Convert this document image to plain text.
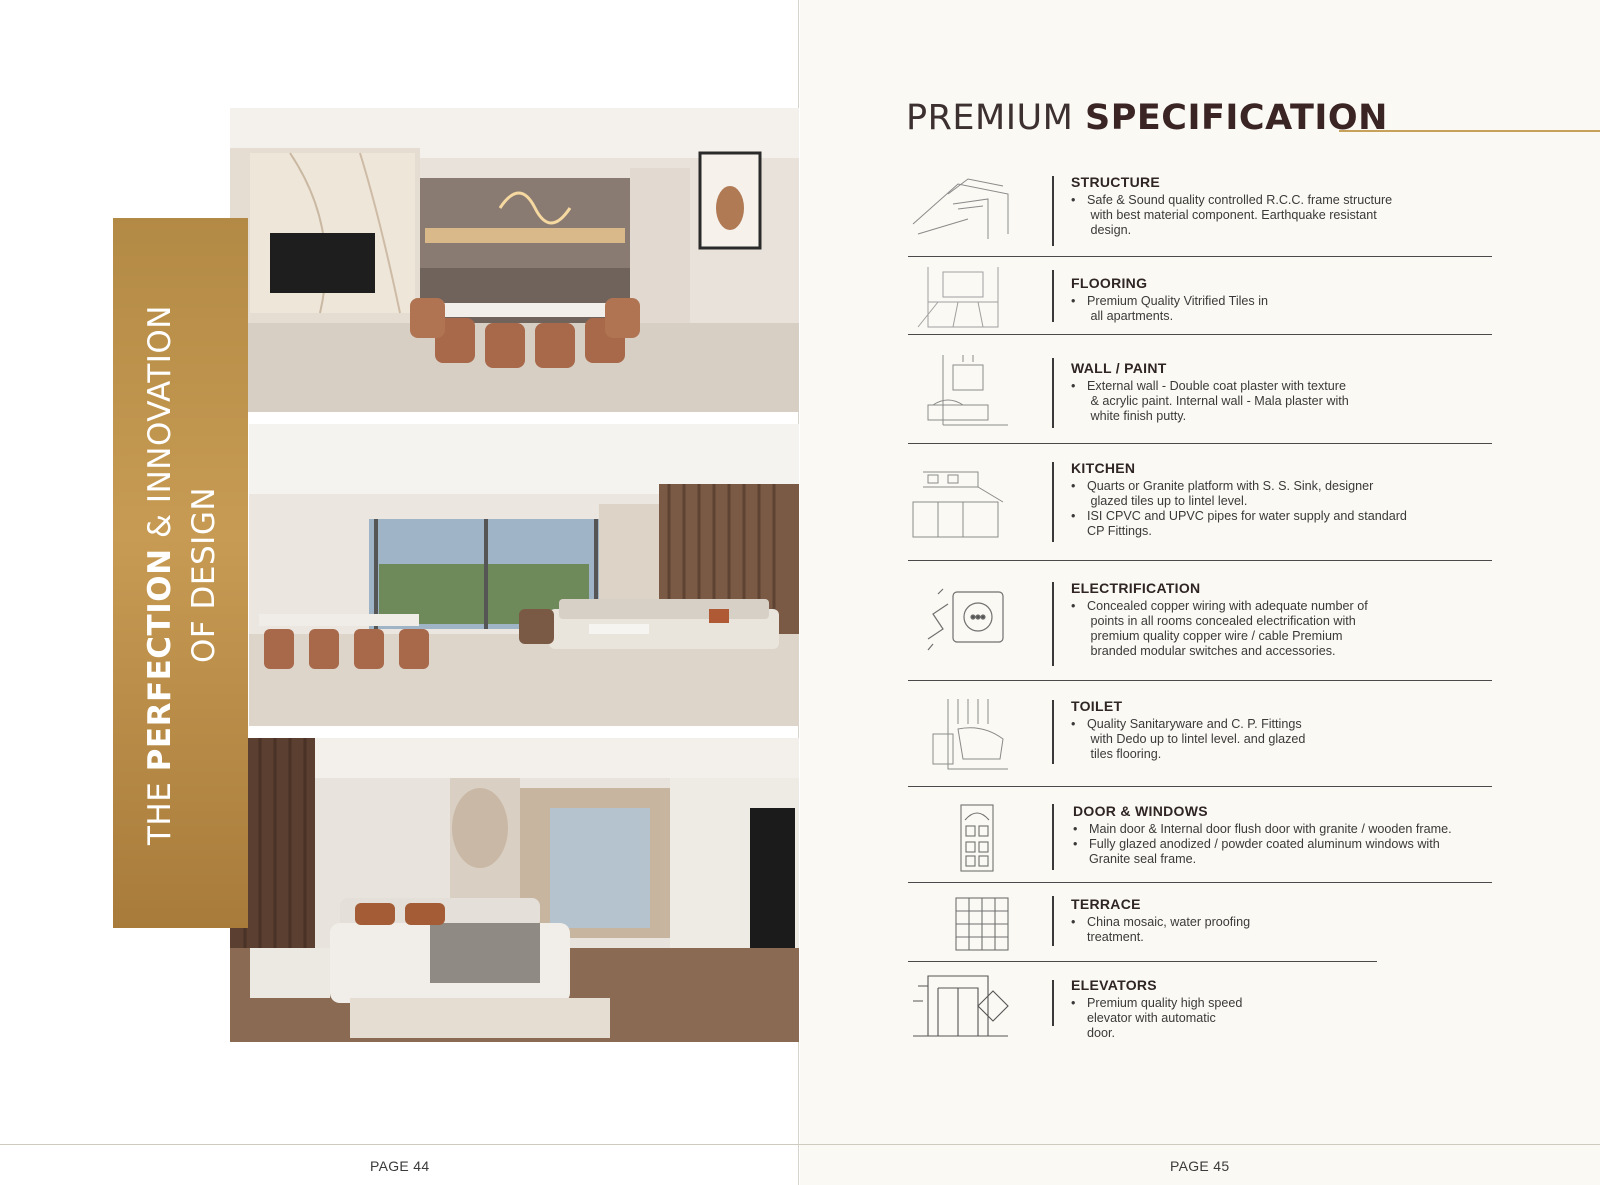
THE PERFECTION & INNOVATION
OF DESIGN
PAGE 44
PREMIUM SPECIFICATION
STRUCTURE
• Safe & Sound quality controlled R.C.C. frame structure
with best material component. Earthquake resistant
design.
FLOORING
• Premium Quality Vitrified Tiles in
all apartments.
WALL / PAINT
• External wall - Double coat plaster with texture
& acrylic paint. Internal wall - Mala plaster with
white finish putty.
KITCHEN
• Quarts or Granite platform with S. S. Sink, designer
glazed tiles up to lintel level.
• ISI CPVC and UPVC pipes for water supply and standard
CP Fittings.
ELECTRIFICATION
• Concealed copper wiring with adequate number of
points in all rooms concealed electrification with
premium quality copper wire / cable Premium
branded modular switches and accessories.
TOILET
• Quality Sanitaryware and C. P. Fittings
with Dedo up to lintel level. and glazed
tiles flooring.
DOOR & WINDOWS
• Main door & Internal door flush door with granite / wooden frame.
• Fully glazed anodized / powder coated aluminum windows with
Granite seal frame.
TERRACE
• China mosaic, water proofing
treatment.
ELEVATORS
• Premium quality high speed
elevator with automatic
door.
PAGE 45
